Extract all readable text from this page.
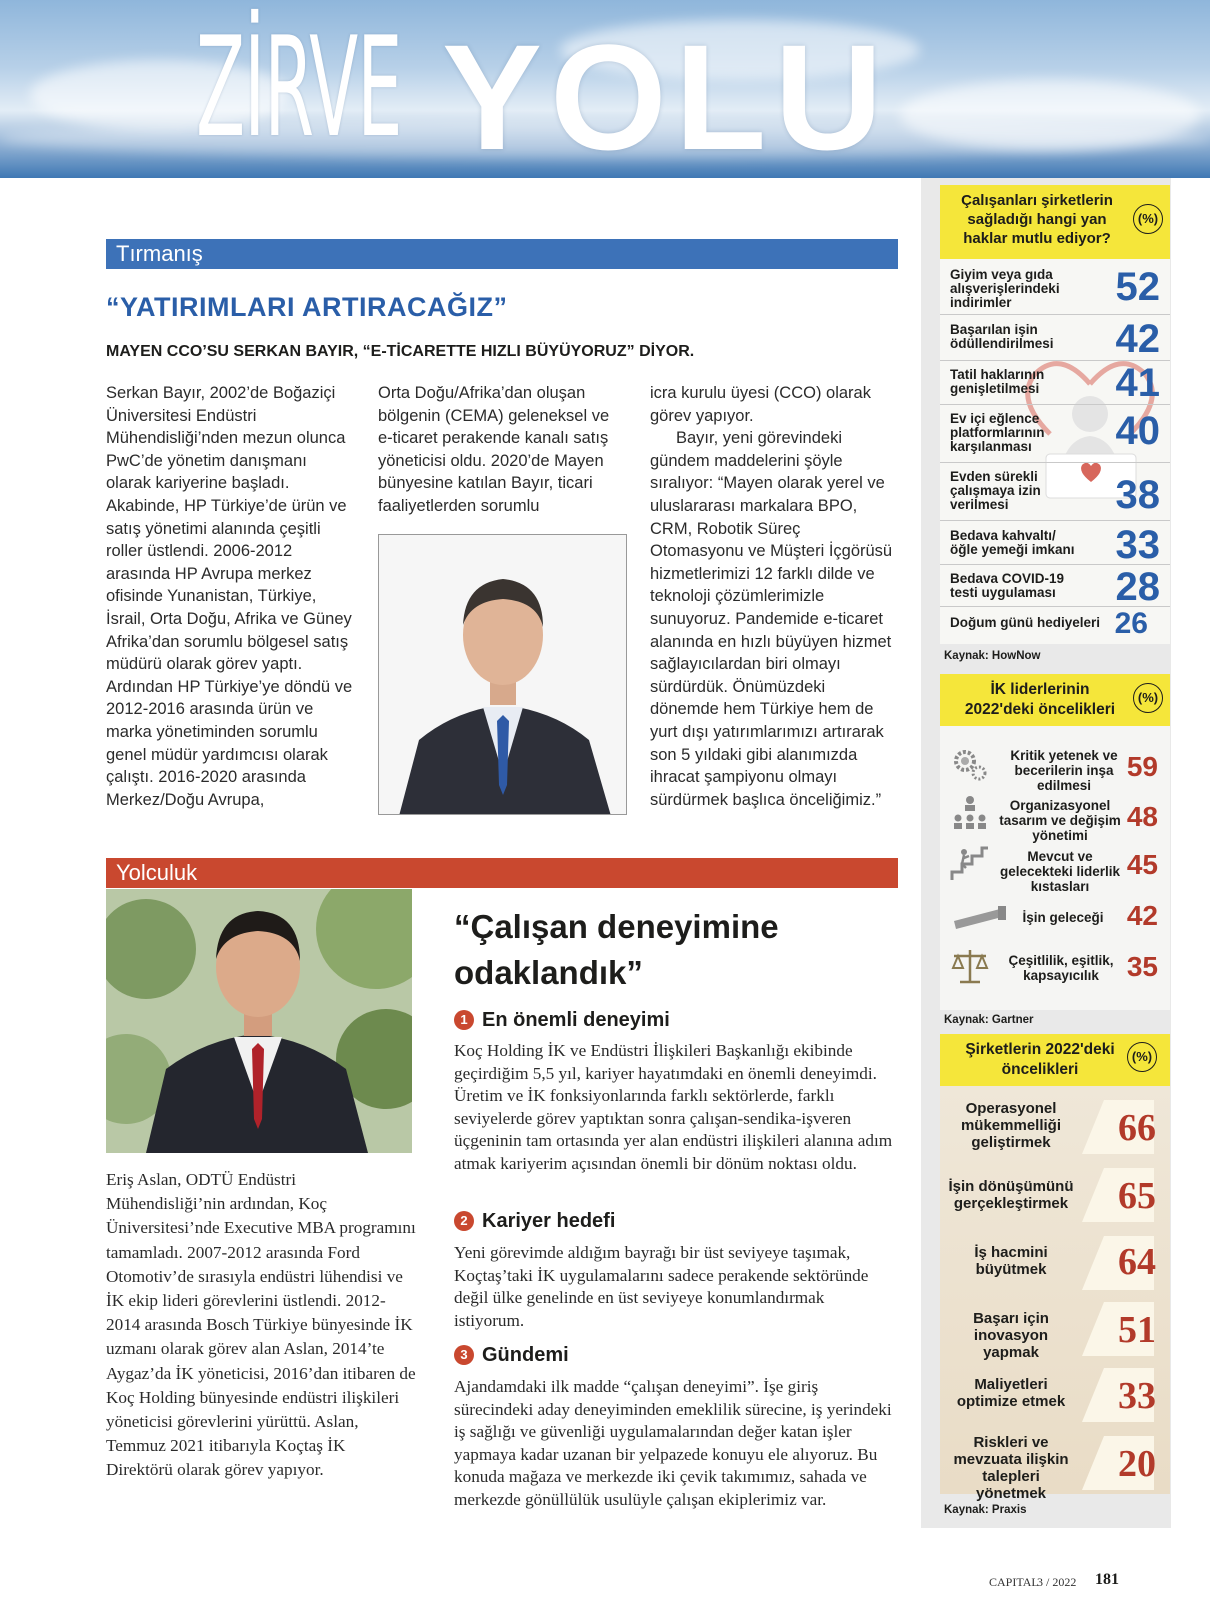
ZİRVE YOLU
Tırmanış
“YATIRIMLARI ARTIRACAĞIZ”
MAYEN CCO’SU SERKAN BAYIR, “E-TİCARETTE HIZLI BÜYÜYORUZ” DİYOR.

Serkan Bayır, 2002’de Boğaziçi Üniversitesi Endüstri Mühendisliği’nden mezun olunca PwC’de yönetim danışmanı olarak kariyerine başladı. Akabinde, HP Türkiye’de ürün ve satış yönetimi alanında çeşitli roller üstlendi. 2006-2012 arasında HP Avrupa merkez ofisinde Yunanistan, Türkiye, İsrail, Orta Doğu, Afrika ve Güney Afrika’dan sorumlu bölgesel satış müdürü olarak görev yaptı. Ardından HP Türkiye’ye döndü ve 2012-2016 arasında ürün ve marka yönetiminden sorumlu genel müdür yardımcısı olarak çalıştı. 2016-2020 arasında Merkez/Doğu Avrupa,

Orta Doğu/Afrika’dan oluşan bölgenin (CEMA) geleneksel ve e-ticaret perakende kanalı satış yöneticisi oldu. 2020’de Mayen bünyesine katılan Bayır, ticari faaliyetlerden sorumlu

icra kurulu üyesi (CCO) olarak görev yapıyor.

Bayır, yeni görevindeki gündem maddelerini şöyle sıralıyor: “Mayen olarak yerel ve uluslararası markalara BPO, CRM, Robotik Süreç Otomasyonu ve Müşteri İçgörüsü hizmetlerimizi 12 farklı dilde ve teknoloji çözümlerimizle sunuyoruz. Pandemide e-ticaret alanında en hızlı büyüyen hizmet sağlayıcılardan biri olmayı sürdürdük. Önümüzdeki dönemde hem Türkiye hem de yurt dışı yatırımlarımızı artırarak son 5 yıldaki gibi alanımızda ihracat şampiyonu olmayı sürdürmek başlıca önceliğimiz.”

Yolculuk
“Çalışan deneyimine odaklandık”
1 En önemli deneyimi
Koç Holding İK ve Endüstri İlişkileri Başkanlığı ekibinde geçirdiğim 5,5 yıl, kariyer hayatımdaki en önemli deneyimdi. Üretim ve İK fonksiyonlarında farklı sektörlerde, farklı seviyelerde görev yaptıktan sonra çalışan-sendika-işveren üçgeninin tam ortasında yer alan endüstri ilişkileri alanına adım atmak kariyerim açısından önemli bir dönüm noktası oldu.
2 Kariyer hedefi
Yeni görevimde aldığım bayrağı bir üst seviyeye taşımak, Koçtaş’taki İK uygulamalarını sadece perakende sektöründe değil ülke genelinde en üst seviyeye konumlandırmak istiyorum.
3 Gündemi
Ajandamdaki ilk madde “çalışan deneyimi”. İşe giriş sürecindeki aday deneyiminden emeklilik sürecine, iş yerindeki iş sağlığı ve güvenliği uygulamalarından değer katan işler yapmaya kadar uzanan bir yelpazede konuyu ele alıyoruz. Bu konuda mağaza ve merkezde iki çevik takımımız, sahada ve merkezde gönüllülük usulüyle çalışan ekiplerimiz var.
Eriş Aslan, ODTÜ Endüstri Mühendisliği’nin ardından, Koç Üniversitesi’nde Executive MBA programını tamamladı. 2007-2012 arasında Ford Otomotiv’de sırasıyla endüstri lühendisi ve İK ekip lideri görevlerini üstlendi. 2012-2014 arasında Bosch Türkiye bünyesinde İK uzmanı olarak görev alan Aslan, 2014’te Aygaz’da İK yöneticisi, 2016’dan itibaren de Koç Holding bünyesinde endüstri ilişkileri yöneticisi görevlerini yürüttü. Aslan, Temmuz 2021 itibarıyla Koçtaş İK Direktörü olarak görev yapıyor.
Çalışanları şirketlerin sağladığı hangi yan haklar mutlu ediyor?
(%)
Giyim veya gıda alışverişlerindeki indirimler	52
Başarılan işin ödüllendirilmesi	42
Tatil haklarının genişletilmesi	41
Ev içi eğlence platformlarının karşılanması	40
Evden sürekli çalışmaya izin verilmesi	38
Bedava kahvaltı/ öğle yemeği imkanı 33
Bedava COVID-19 testi uygulaması	28
Doğum günü hediyeleri 26
Kaynak: HowNow
İK liderlerinin 2022'deki öncelikleri
(%)
Kritik yetenek ve becerilerin inşa edilmesi
59
Organizasyonel tasarım ve değişim yönetimi
48
Mevcut ve gelecekteki liderlik kıstasları
45
İşin geleceği 42
Çeşitlilik, eşitlik, kapsayıcılık 35
Kaynak: Gartner
Şirketlerin 2022'deki öncelikleri
(%)
Operasyonel mükemmelliği geliştirmek	66
İşin dönüşümünü gerçekleştirmek 65
İş hacmini büyütmek	64
Başarı için inovasyon yapmak
51
Maliyetleri optimize etmek 33
Riskleri ve mevzuata ilişkin talepleri yönetmek
20
Kaynak: Praxis
CAPITAL
3 / 2022 181
